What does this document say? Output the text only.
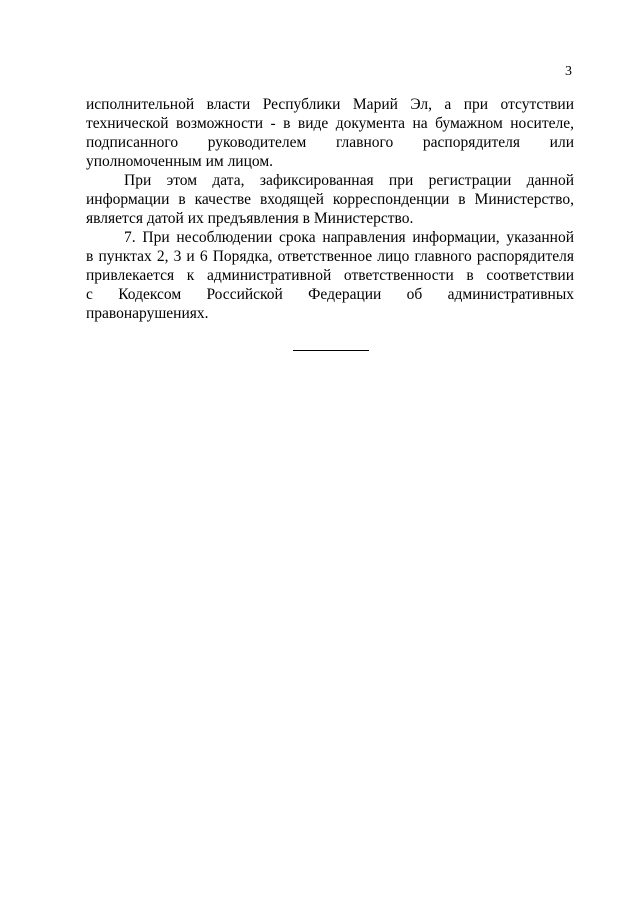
3
исполнительной власти Республики Марий Эл, а при отсутствии
технической возможности - в виде документа на бумажном носителе,
подписанного руководителем главного распорядителя или
уполномоченным им лицом.
При этом дата, зафиксированная при регистрации данной
информации в качестве входящей корреспонденции в Министерство,
является датой их предъявления в Министерство.
7. При несоблюдении срока направления информации, указанной
в пунктах 2, 3 и 6 Порядка, ответственное лицо главного распорядителя
привлекается к административной ответственности в соответствии
с Кодексом Российской Федерации об административных
правонарушениях.
